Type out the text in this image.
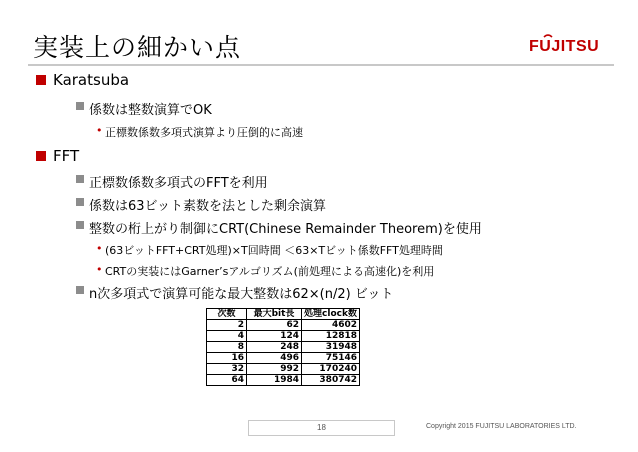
実装上の細かい点	FUJITSU
Karatsuba
係数は整数演算でOK
• 正標数係数多項式演算より圧倒的に高速
FFT
正標数係数多項式のFFTを利用
係数は63ビット素数を法とした剰余演算
整数の桁上がり制御にCRT(Chinese Remainder Theorem)を使用
• (63ビットFFT+CRT処理)×T回時間 ＜63×Tビット係数FFT処理時間
• CRTの実装にはGarner’sアルゴリズム(前処理による高速化)を利用
n次多項式で演算可能な最大整数は62×(n/2) ビット
次数	最大bit長	処理clock数
2	62	4602
4	124	12818
8	248	31948
16	496	75146
32	992	170240
64	1984	380742
18	Copyright 2015 FUJITSU LABORATORIES LTD.
